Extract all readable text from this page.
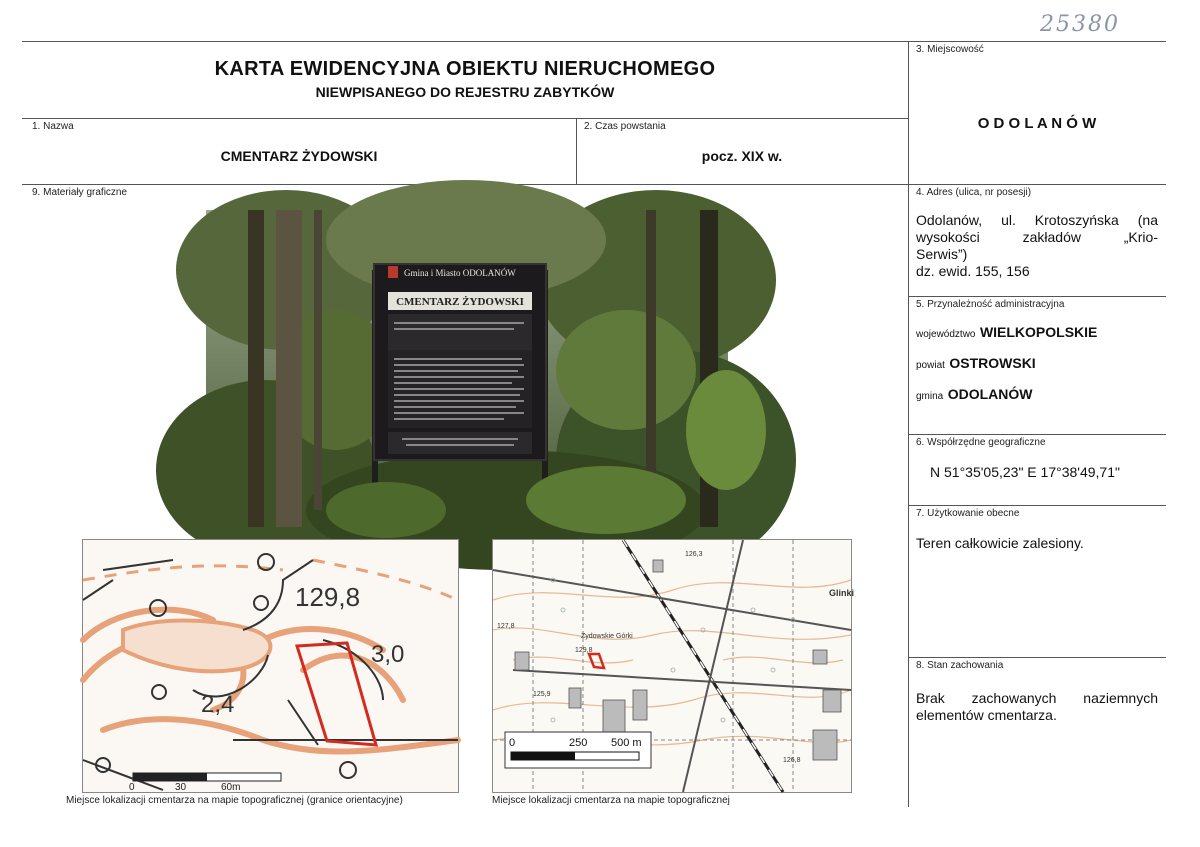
25380
KARTA EWIDENCYJNA OBIEKTU NIERUCHOMEGO
NIEWPISANEGO DO REJESTRU ZABYTKÓW
1. Nazwa
CMENTARZ ŻYDOWSKI
2. Czas powstania
pocz. XIX w.
3. Miejscowość
O D O L A N Ó W
4. Adres (ulica, nr posesji)
Odolanów, ul. Krotoszyńska (na
wysokości zakładów „Krio-
Serwis”)
dz. ewid. 155, 156
5. Przynależność administracyjna
województwo WIELKOPOLSKIE
powiat OSTROWSKI
gmina ODOLANÓW
6. Współrzędne geograficzne
N 51°35'05,23" E 17°38'49,71"
7. Użytkowanie obecne
Teren całkowicie zalesiony.
8. Stan zachowania
Brak zachowanych naziemnych
elementów cmentarza.
9. Materiały graficzne
Gmina i Miasto ODOLANÓW
CMENTARZ ŻYDOWSKI
129,8
3,0
2,4
0	30	60m
Miejsce lokalizacji cmentarza na mapie topograficznej (granice orientacyjne)
Żydowskie Górki
Glinki
127,8
126,3
125,9
126,8
129,8
0	250 500 m
Miejsce lokalizacji cmentarza na mapie topograficznej
